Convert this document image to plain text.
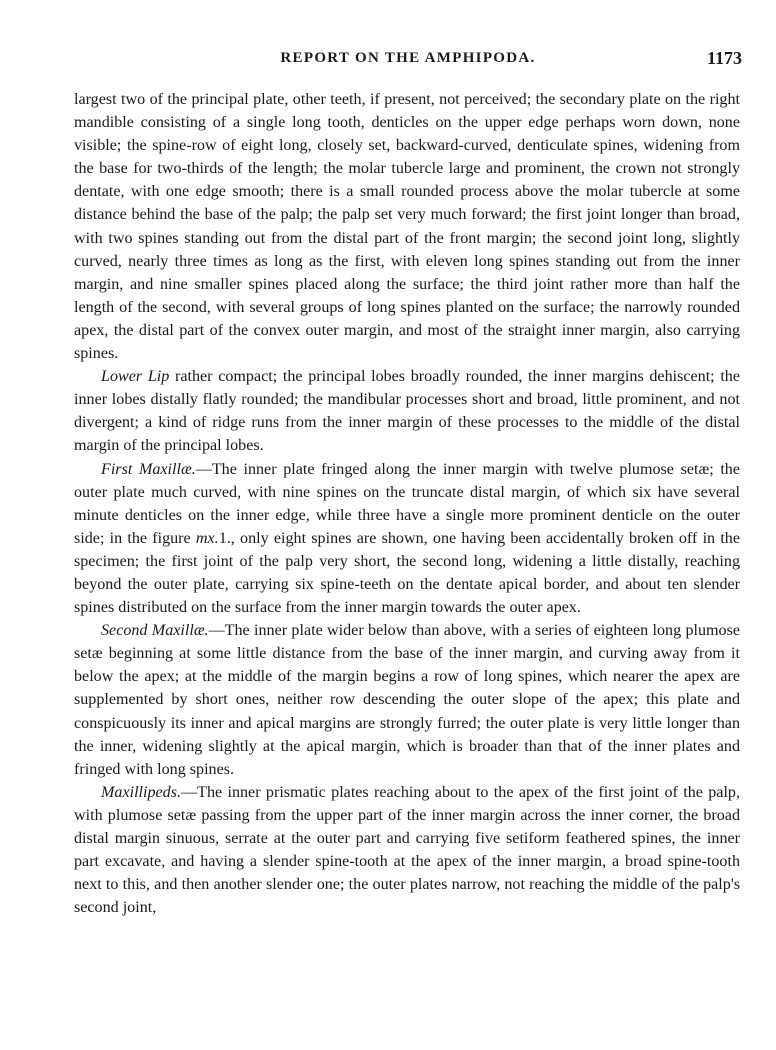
REPORT ON THE AMPHIPODA.	1173

largest two of the principal plate, other teeth, if present, not perceived; the secondary plate on the right mandible consisting of a single long tooth, denticles on the upper edge perhaps worn down, none visible; the spine-row of eight long, closely set, backward-curved, denticulate spines, widening from the base for two-thirds of the length; the molar tubercle large and prominent, the crown not strongly dentate, with one edge smooth; there is a small rounded process above the molar tubercle at some distance behind the base of the palp; the palp set very much forward; the first joint longer than broad, with two spines standing out from the distal part of the front margin; the second joint long, slightly curved, nearly three times as long as the first, with eleven long spines standing out from the inner margin, and nine smaller spines placed along the surface; the third joint rather more than half the length of the second, with several groups of long spines planted on the surface; the narrowly rounded apex, the distal part of the convex outer margin, and most of the straight inner margin, also carrying spines.

Lower Lip rather compact; the principal lobes broadly rounded, the inner margins dehiscent; the inner lobes distally flatly rounded; the mandibular processes short and broad, little prominent, and not divergent; a kind of ridge runs from the inner margin of these processes to the middle of the distal margin of the principal lobes.

First Maxillæ.—The inner plate fringed along the inner margin with twelve plumose setæ; the outer plate much curved, with nine spines on the truncate distal margin, of which six have several minute denticles on the inner edge, while three have a single more prominent denticle on the outer side; in the figure mx.1., only eight spines are shown, one having been accidentally broken off in the specimen; the first joint of the palp very short, the second long, widening a little distally, reaching beyond the outer plate, carrying six spine-teeth on the dentate apical border, and about ten slender spines distributed on the surface from the inner margin towards the outer apex.

Second Maxillæ.—The inner plate wider below than above, with a series of eighteen long plumose setæ beginning at some little distance from the base of the inner margin, and curving away from it below the apex; at the middle of the margin begins a row of long spines, which nearer the apex are supplemented by short ones, neither row descending the outer slope of the apex; this plate and conspicuously its inner and apical margins are strongly furred; the outer plate is very little longer than the inner, widening slightly at the apical margin, which is broader than that of the inner plates and fringed with long spines.

Maxillipeds.—The inner prismatic plates reaching about to the apex of the first joint of the palp, with plumose setæ passing from the upper part of the inner margin across the inner corner, the broad distal margin sinuous, serrate at the outer part and carrying five setiform feathered spines, the inner part excavate, and having a slender spine-tooth at the apex of the inner margin, a broad spine-tooth next to this, and then another slender one; the outer plates narrow, not reaching the middle of the palp's second joint,
